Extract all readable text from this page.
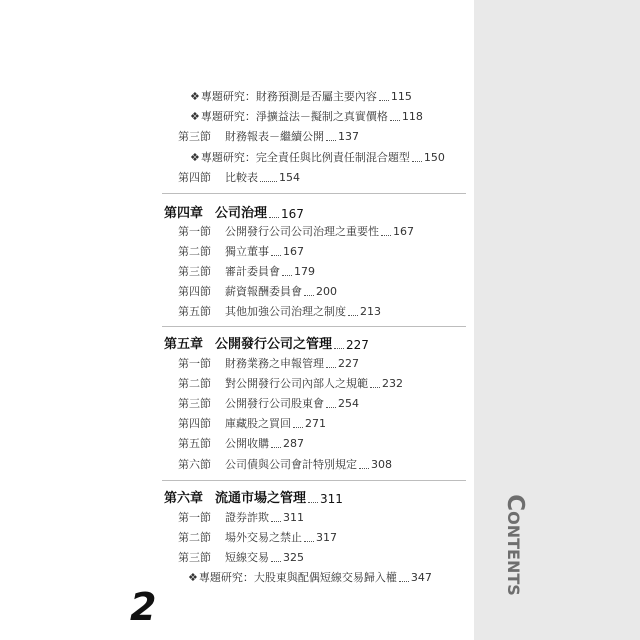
Contents
❖ 專題研究：財務預測是否屬主要內容 115
❖ 專題研究：淨擴益法－擬制之真實價格 118
第三節 財務報表－繼續公開 137
❖ 專題研究：完全責任與比例責任制混合題型 150
第四節 比較表 154
第四章 公司治理 167
第一節 公開發行公司公司治理之重要性 167
第二節 獨立董事 167
第三節 審計委員會 179
第四節 薪資報酬委員會 200
第五節 其他加強公司治理之制度 213
第五章 公開發行公司之管理 227
第一節 財務業務之申報管理 227
第二節 對公開發行公司內部人之規範 232
第三節 公開發行公司股東會 254
第四節 庫藏股之買回 271
第五節 公開收購 287
第六節 公司債與公司會計特別規定 308
第六章 流通市場之管理 311
第一節 證券詐欺 311
第二節 場外交易之禁止 317
第三節 短線交易 325
❖ 專題研究：大股東與配偶短線交易歸入權 347
2
